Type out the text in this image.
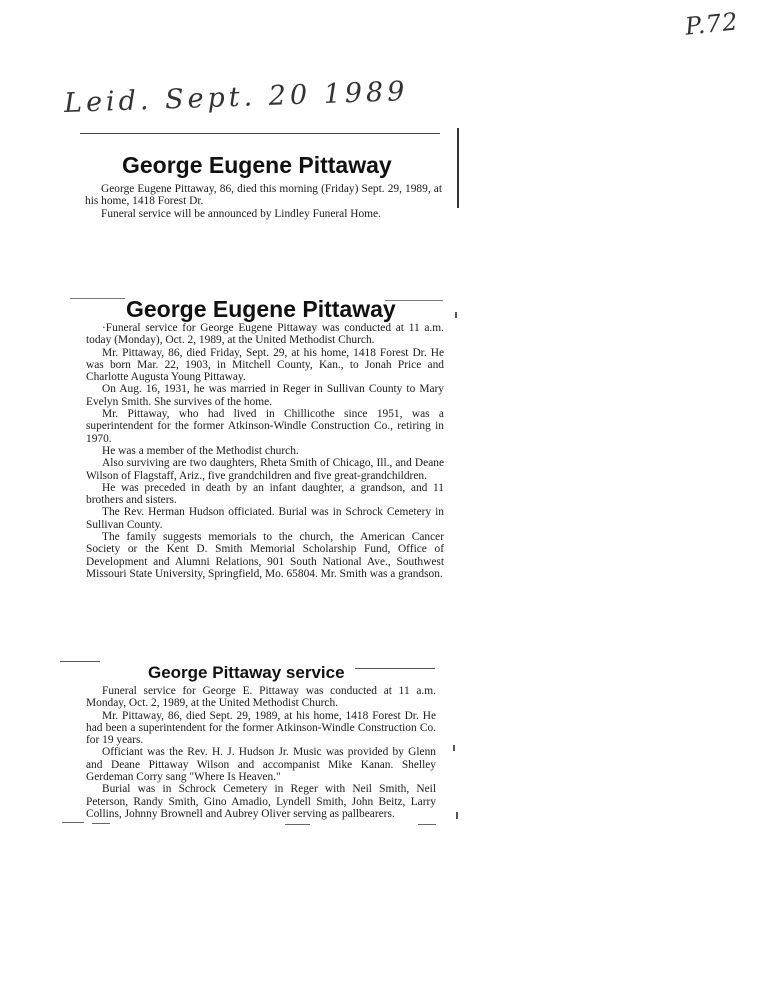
P.72
Leid. Sept. 20 1989
George Eugene Pittaway

George Eugene Pittaway, 86, died this morning (Friday) Sept. 29, 1989, at his home, 1418 Forest Dr.

Funeral service will be announced by Lindley Funeral Home.

George Eugene Pittaway

·Funeral service for George Eugene Pittaway was conducted at 11 a.m. today (Monday), Oct. 2, 1989, at the United Methodist Church.

Mr. Pittaway, 86, died Friday, Sept. 29, at his home, 1418 Forest Dr. He was born Mar. 22, 1903, in Mitchell County, Kan., to Jonah Price and Charlotte Augusta Young Pittaway.

On Aug. 16, 1931, he was married in Reger in Sullivan County to Mary Evelyn Smith. She survives of the home.

Mr. Pittaway, who had lived in Chillicothe since 1951, was a superintendent for the former Atkinson-Windle Construction Co., retiring in 1970.

He was a member of the Methodist church.

Also surviving are two daughters, Rheta Smith of Chicago, Ill., and Deane Wilson of Flagstaff, Ariz., five grandchildren and five great-grandchildren.

He was preceded in death by an infant daughter, a grandson, and 11 brothers and sisters.

The Rev. Herman Hudson officiated. Burial was in Schrock Cemetery in Sullivan County.

The family suggests memorials to the church, the American Cancer Society or the Kent D. Smith Memorial Scholarship Fund, Office of Development and Alumni Relations, 901 South National Ave., Southwest Missouri State University, Springfield, Mo. 65804. Mr. Smith was a grandson.

George Pittaway service

Funeral service for George E. Pittaway was conducted at 11 a.m. Monday, Oct. 2, 1989, at the United Methodist Church.

Mr. Pittaway, 86, died Sept. 29, 1989, at his home, 1418 Forest Dr. He had been a superintendent for the former Atkinson-Windle Construction Co. for 19 years.

Officiant was the Rev. H. J. Hudson Jr. Music was provided by Glenn and Deane Pittaway Wilson and accompanist Mike Kanan. Shelley Gerdeman Corry sang "Where Is Heaven."

Burial was in Schrock Cemetery in Reger with Neil Smith, Neil Peterson, Randy Smith, Gino Amadio, Lyndell Smith, John Beitz, Larry Collins, Johnny Brownell and Aubrey Oliver serving as pallbearers.
